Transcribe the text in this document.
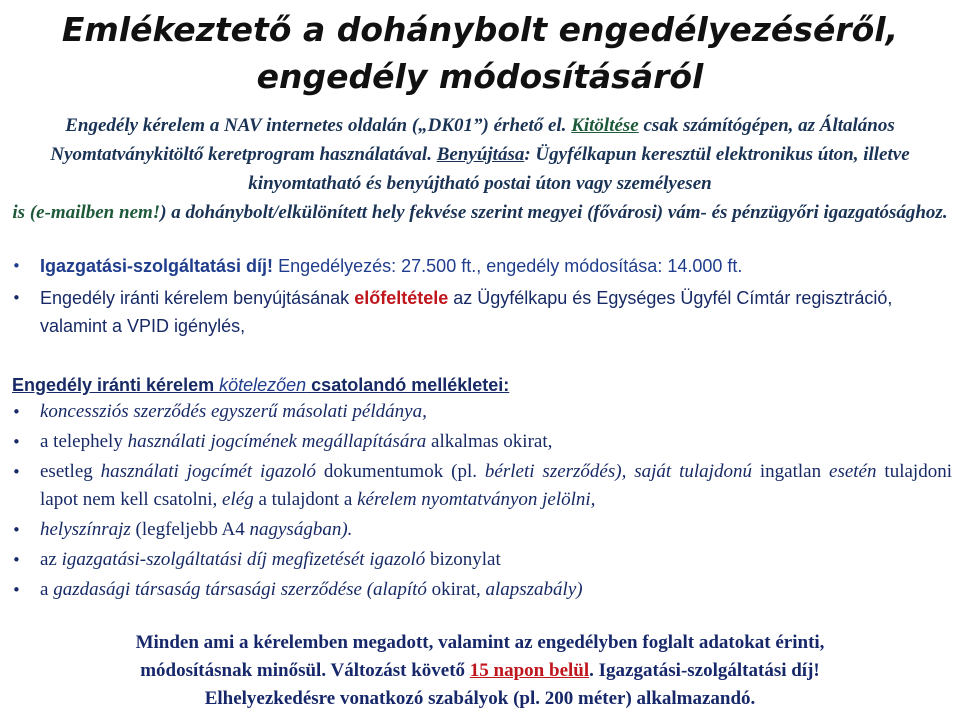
Emlékeztető a dohánybolt engedélyezéséről,
engedély módosításáról
Engedély kérelem a NAV internetes oldalán („DK01”) érhető el. Kitöltése csak számítógépen, az Általános Nyomtatványkitöltő keretprogram használatával. Benyújtása: Ügyfélkapun keresztül elektronikus úton, illetve kinyomtatható és benyújtható postai úton vagy személyesen
is (e-mailben nem!) a dohánybolt/elkülönített hely fekvése szerint megyei (fővárosi) vám- és pénzügyőri igazgatósághoz.
• Igazgatási-szolgáltatási díj! Engedélyezés: 27.500 ft., engedély módosítása: 14.000 ft.
• Engedély iránti kérelem benyújtásának előfeltétele az Ügyfélkapu és Egységes Ügyfél Címtár regisztráció, valamint a VPID igénylés,
Engedély iránti kérelem kötelezően csatolandó mellékletei:
• koncessziós szerződés egyszerű másolati példánya,
• a telephely használati jogcímének megállapítására alkalmas okirat,
• esetleg használati jogcímét igazoló dokumentumok (pl. bérleti szerződés), saját tulajdonú ingatlan esetén tulajdoni lapot nem kell csatolni, elég a tulajdont a kérelem nyomtatványon jelölni,
• helyszínrajz (legfeljebb A4 nagyságban).
• az igazgatási-szolgáltatási díj megfizetését igazoló bizonylat
• a gazdasági társaság társasági szerződése (alapító okirat, alapszabály)
Minden ami a kérelemben megadott, valamint az engedélyben foglalt adatokat érinti,
módosításnak minősül. Változást követő 15 napon belül. Igazgatási-szolgáltatási díj!
Elhelyezkedésre vonatkozó szabályok (pl. 200 méter) alkalmazandó.
